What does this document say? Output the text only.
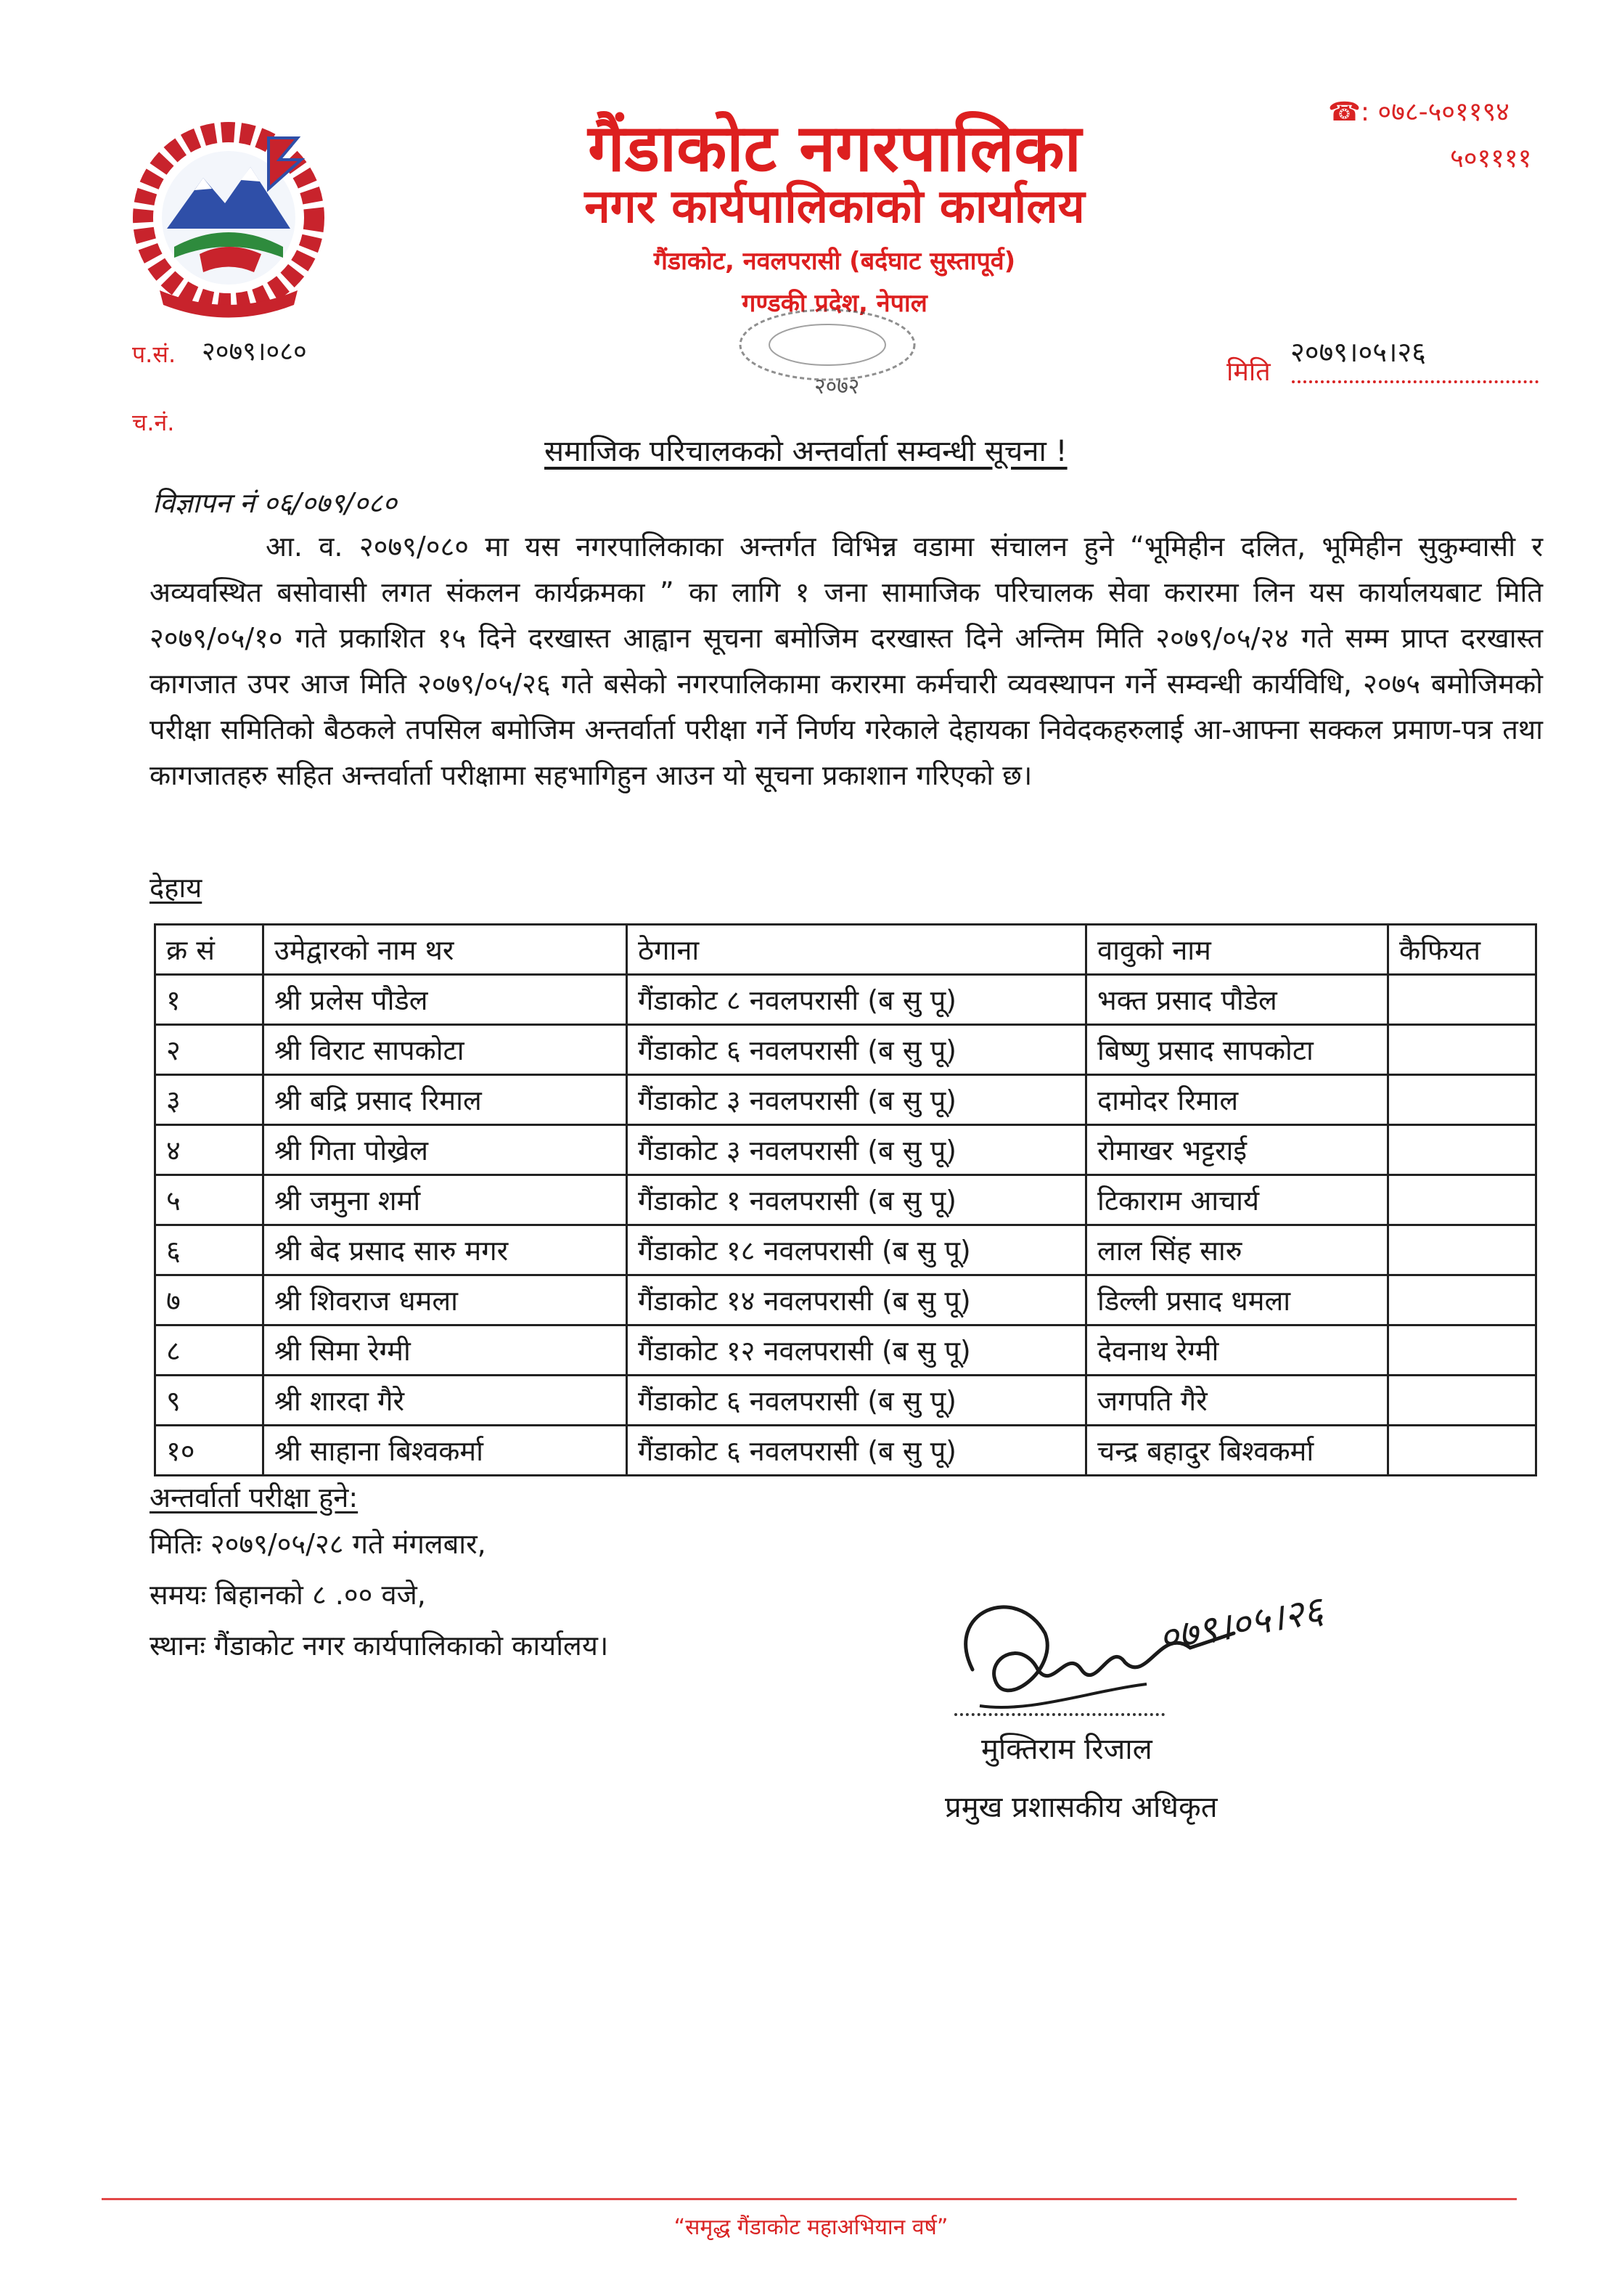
गैंडाकोट नगरपालिका
नगर कार्यपालिकाको कार्यालय
गैंडाकोट, नवलपरासी (बर्दघाट सुस्तापूर्व)
गण्डकी प्रदेश, नेपाल
☎: ०७८-५०११९४
५०११११
२०७२
प.सं. २०७९।०८०
च.नं.
मिति
२०७९।०५।२६
समाजिक परिचालकको अन्तर्वार्ता सम्वन्धी सूचना !
विज्ञापन नं ०६/०७९/०८०
आ. व. २०७९/०८० मा यस नगरपालिकाका अन्तर्गत विभिन्न वडामा संचालन हुने “भूमिहीन दलित, भूमिहीन सुकुम्वासी र अव्यवस्थित बसोवासी लगत संकलन कार्यक्रमका ” का लागि १ जना सामाजिक परिचालक सेवा करारमा लिन यस कार्यालयबाट मिति २०७९/०५/१० गते प्रकाशित १५ दिने दरखास्त आह्वान सूचना बमोजिम दरखास्त दिने अन्तिम मिति २०७९/०५/२४ गते सम्म प्राप्त दरखास्त कागजात उपर आज मिति २०७९/०५/२६ गते बसेको नगरपालिकामा करारमा कर्मचारी व्यवस्थापन गर्ने सम्वन्धी कार्यविधि, २०७५ बमोजिमको परीक्षा समितिको बैठकले तपसिल बमोजिम अन्तर्वार्ता परीक्षा गर्ने निर्णय गरेकाले देहायका निवेदकहरुलाई आ-आफ्ना सक्कल प्रमाण-पत्र तथा कागजातहरु सहित अन्तर्वार्ता परीक्षामा सहभागिहुन आउन यो सूचना प्रकाशान गरिएको छ।
देहाय
क्र सं	उमेद्वारको नाम थर	ठेगाना	वावुको नाम	कैफियत
१	श्री प्रलेस पौडेल	गैंडाकोट ८ नवलपरासी (ब सु पू)	भक्त प्रसाद पौडेल	
२	श्री विराट सापकोटा	गैंडाकोट ६ नवलपरासी (ब सु पू)	बिष्णु प्रसाद सापकोटा	
३	श्री बद्रि प्रसाद रिमाल	गैंडाकोट ३ नवलपरासी (ब सु पू)	दामोदर रिमाल	
४	श्री गिता पोख्रेल	गैंडाकोट ३ नवलपरासी (ब सु पू)	रोमाखर भट्टराई	
५	श्री जमुना शर्मा	गैंडाकोट १ नवलपरासी (ब सु पू)	टिकाराम आचार्य	
६	श्री बेद प्रसाद सारु मगर	गैंडाकोट १८ नवलपरासी (ब सु पू)	लाल सिंह सारु	
७	श्री शिवराज धमला	गैंडाकोट १४ नवलपरासी (ब सु पू)	डिल्ली प्रसाद धमला	
८	श्री सिमा रेग्मी	गैंडाकोट १२ नवलपरासी (ब सु पू)	देवनाथ रेग्मी	
९	श्री शारदा गैरे	गैंडाकोट ६ नवलपरासी (ब सु पू)	जगपति गैरे	
१०	श्री साहाना बिश्वकर्मा	गैंडाकोट ६ नवलपरासी (ब सु पू)	चन्द्र बहादुर बिश्वकर्मा	
अन्तर्वार्ता परीक्षा हुने:
मितिः २०७९/०५/२८ गते मंगलबार,
समयः बिहानको ८ .०० वजे,
स्थानः गैंडाकोट नगर कार्यपालिकाको कार्यालय।	०७९।०५।२६
मुक्तिराम रिजाल
प्रमुख प्रशासकीय अधिकृत
“समृद्ध गैंडाकोट महाअभियान वर्ष”
